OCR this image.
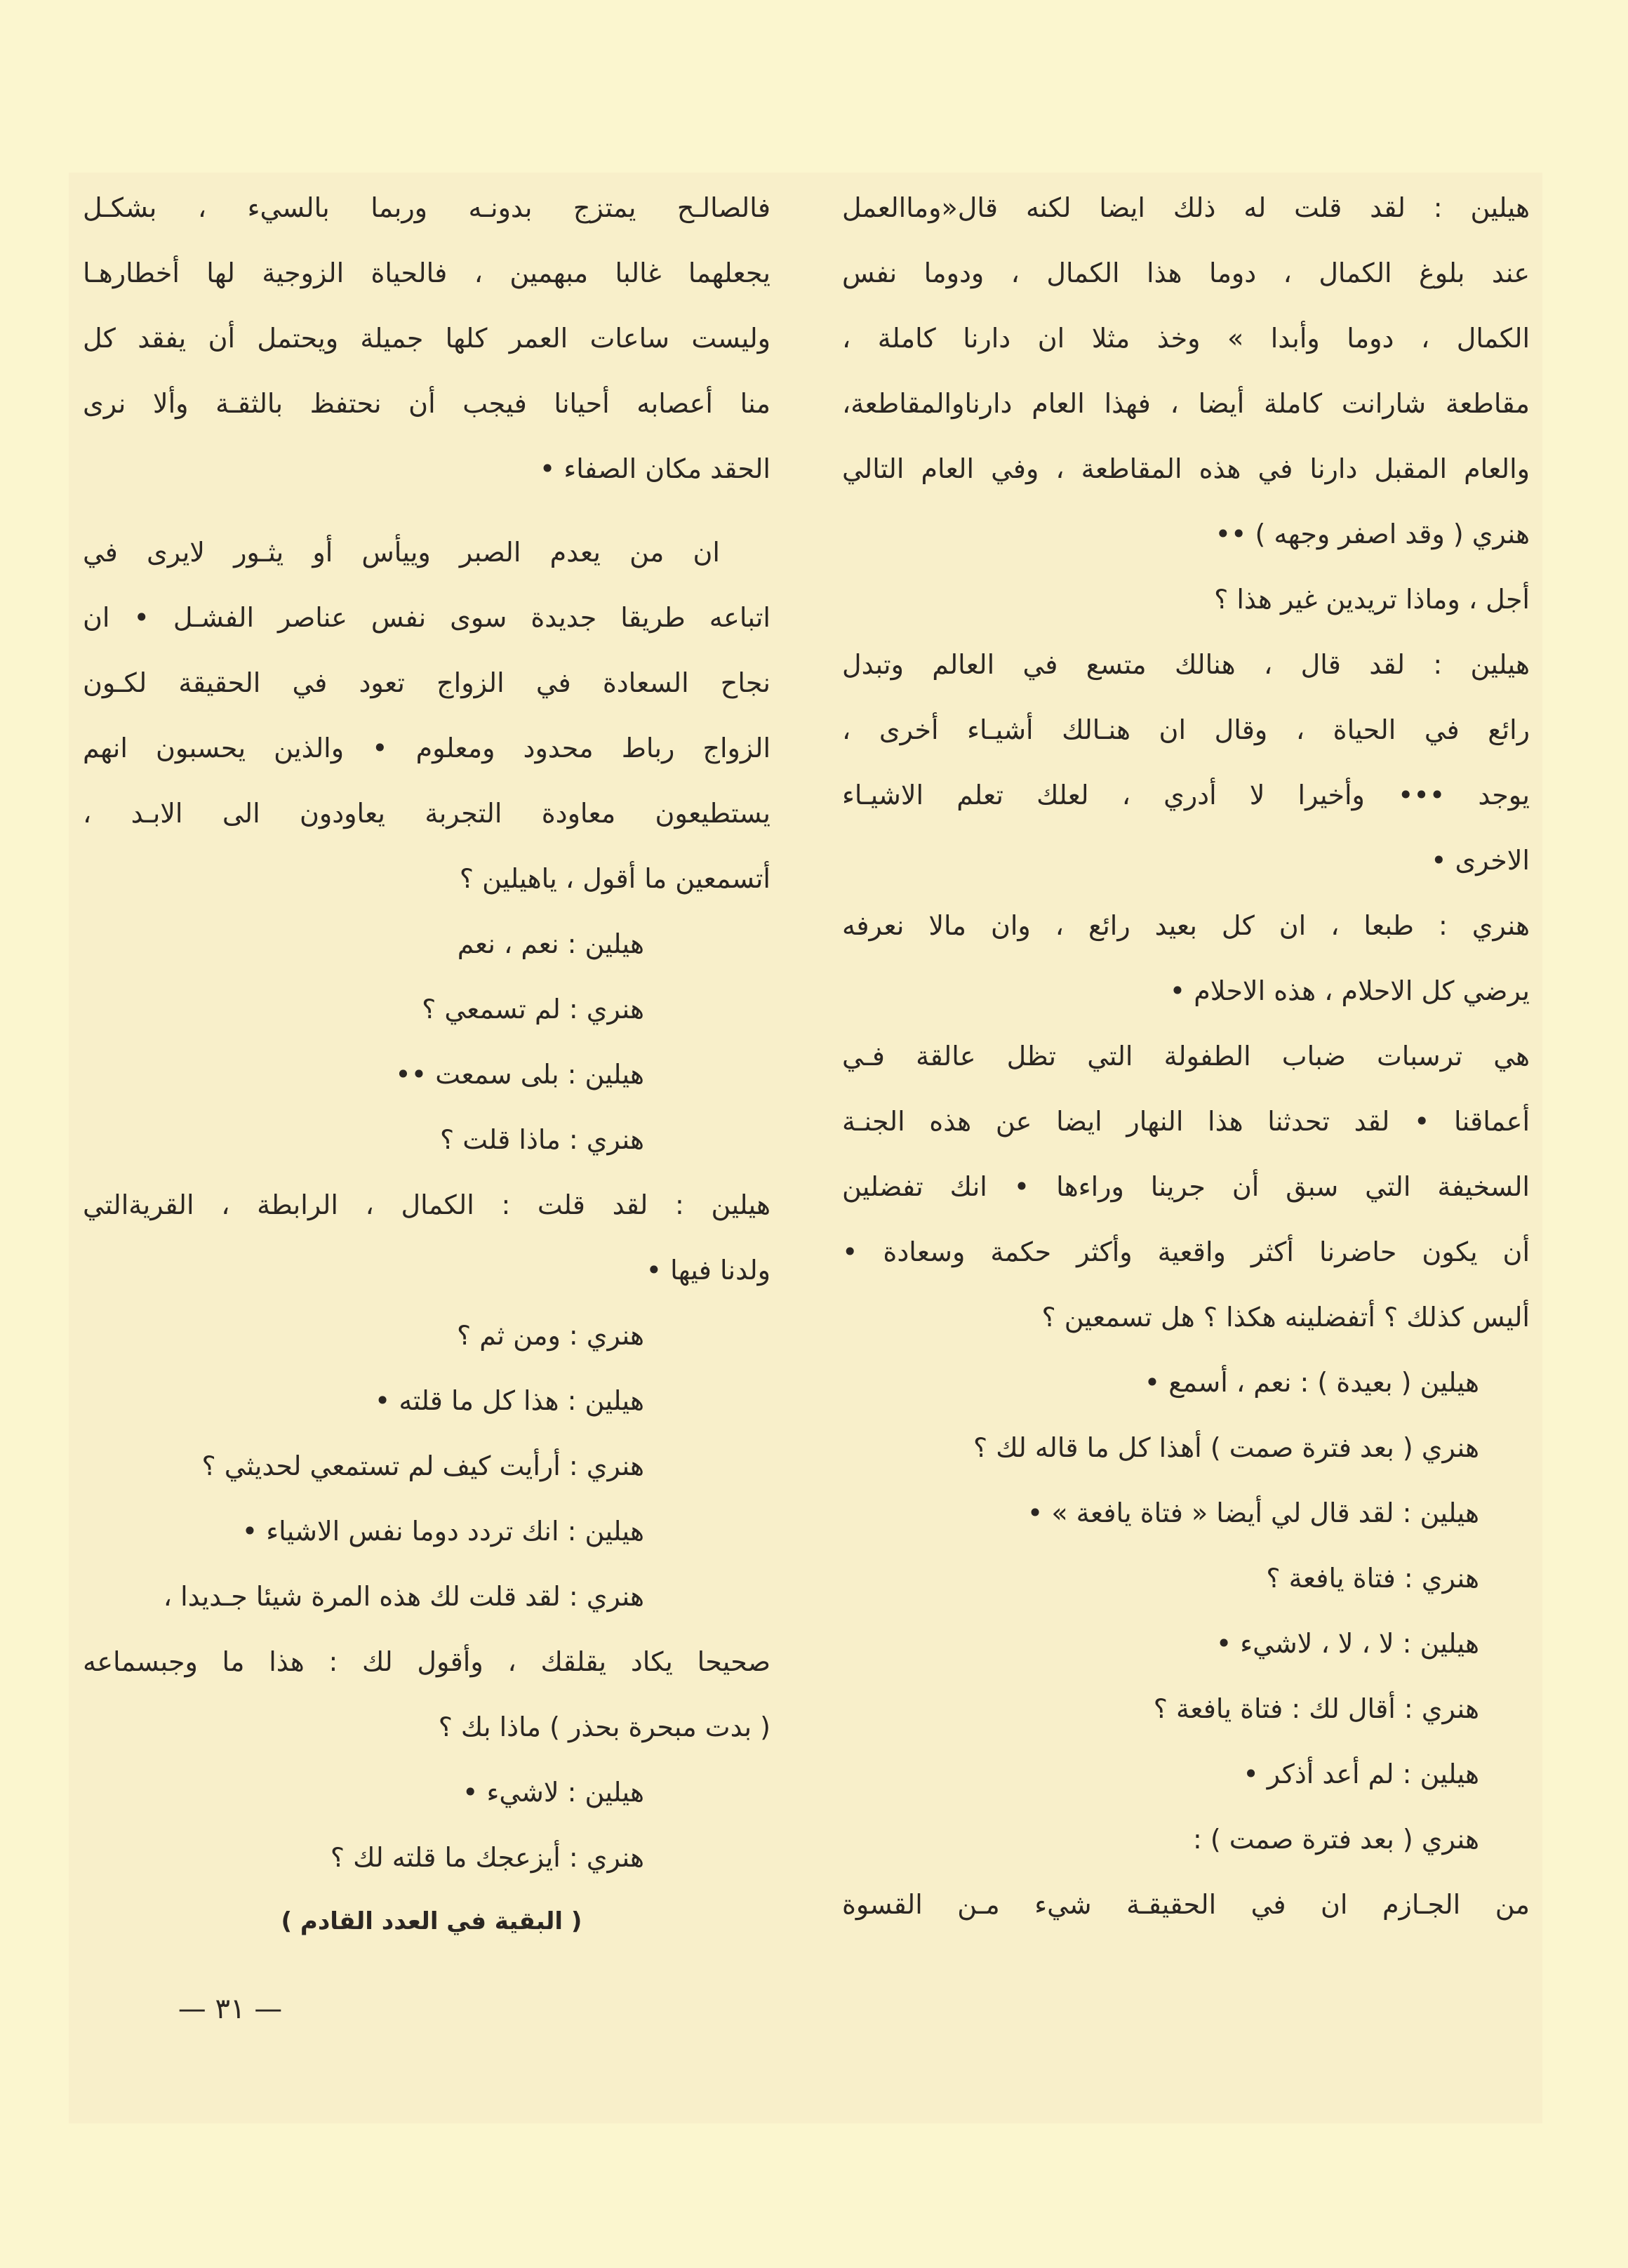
هيلين : لقد قلت له ذلك ايضا لكنه قال«وماالعمل
عند بلوغ الكمال ، دوما هذا الكمال ، ودوما نفس
الكمال ، دوما وأبدا » وخذ مثلا ان دارنا كاملة ،
مقاطعة شارانت كاملة أيضا ، فهذا العام دارناوالمقاطعة،
والعام المقبل دارنا في هذه المقاطعة ، وفي العام التالي
هنري ( وقد اصفر وجهه ) ••
أجل ، وماذا تريدين غير هذا ؟
هيلين : لقد قال ، هنالك متسع في العالم وتبدل
رائع في الحياة ، وقال ان هنـالك أشيـاء أخرى ،
يوجد ••• وأخيرا لا أدري ، لعلك تعلم الاشيـاء
الاخرى •
هنري : طبعا ، ان كل بعيد رائع ، وان مالا نعرفه
يرضي كل الاحلام ، هذه الاحلام •
هي ترسبات ضباب الطفولة التي تظل عالقة فـي
أعماقنا • لقد تحدثنا هذا النهار ايضا عن هذه الجنـة
السخيفة التي سبق أن جرينا وراءها • انك تفضلين
أن يكون حاضرنا أكثر واقعية وأكثر حكمة وسعادة •
أليس كذلك ؟ أتفضلينه هكذا ؟ هل تسمعين ؟
هيلين ( بعيدة ) : نعم ، أسمع •
هنري ( بعد فترة صمت ) أهذا كل ما قاله لك ؟
هيلين : لقد قال لي أيضا « فتاة يافعة » •
هنري : فتاة يافعة ؟
هيلين : لا ، لا ، لاشيء •
هنري : أقال لك : فتاة يافعة ؟
هيلين : لم أعد أذكر •
هنري ( بعد فترة صمت ) :
من الجـازم ان في الحقيقـة شيء مـن القسوة
فالصالـح يمتزج بدونـه وربما بالسيء ، بشكـل
يجعلهما غالبا مبهمين ، فالحياة الزوجية لها أخطارهـا
وليست ساعات العمر كلها جميلة ويحتمل أن يفقد كل
منا أعصابه أحيانا فيجب أن نحتفظ بالثقـة وألا نرى
الحقد مكان الصفاء •
ان من يعدم الصبر وييأس أو يثـور لايرى في
اتباعه طريقا جديدة سوى نفس عناصر الفشـل • ان
نجاح السعادة في الزواج تعود في الحقيقة لكـون
الزواج رباط محدود ومعلوم • والذين يحسبون انهم
يستطيعون معاودة التجربة يعاودون الى الابـد ،
أتسمعين ما أقول ، ياهيلين ؟
هيلين : نعم ، نعم
هنري : لم تسمعي ؟
هيلين : بلى سمعت ••
هنري : ماذا قلت ؟
هيلين : لقد قلت : الكمال ، الرابطة ، القريةالتي
ولدنا فيها •
هنري : ومن ثم ؟
هيلين : هذا كل ما قلته •
هنري : أرأيت كيف لم تستمعي لحديثي ؟
هيلين : انك تردد دوما نفس الاشياء •
هنري : لقد قلت لك هذه المرة شيئا جـديدا ،
صحيحا يكاد يقلقك ، وأقول لك : هذا ما وجبسماعه
( بدت مبحرة بحذر ) ماذا بك ؟
هيلين : لاشيء •
هنري : أيزعجك ما قلته لك ؟
( البقية في العدد القادم )
— ٣١ —
